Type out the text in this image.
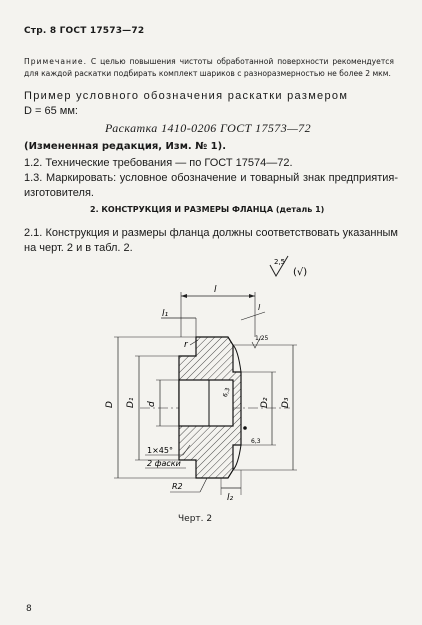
Стр. 8 ГОСТ 17573—72
Примечание. С целью повышения чистоты обработанной поверхности рекомендуется для каждой раскатки подбирать комплект шариков с разноразмерностью не более 2 мкм.
Пример условного обозначения раскатки размером
D = 65 мм:
Раскатка 1410-0206 ГОСТ 17573—72
(Измененная редакция, Изм. № 1).
1.2. Технические требования — по ГОСТ 17574—72.
1.3. Маркировать: условное обозначение и товарный знак предприятия-изготовителя.
2. КОНСТРУКЦИЯ И РАЗМЕРЫ ФЛАНЦА (деталь 1)
2.1. Конструкция и размеры фланца должны соответствовать указанным на черт. 2 и в табл. 2.
2,5
(√)
l
l₁
r
l
D D₁ d	D₂ D₃
1,25
6,3
6,3
1×45°
2 фаски
R2
l₂
Черт. 2
8
